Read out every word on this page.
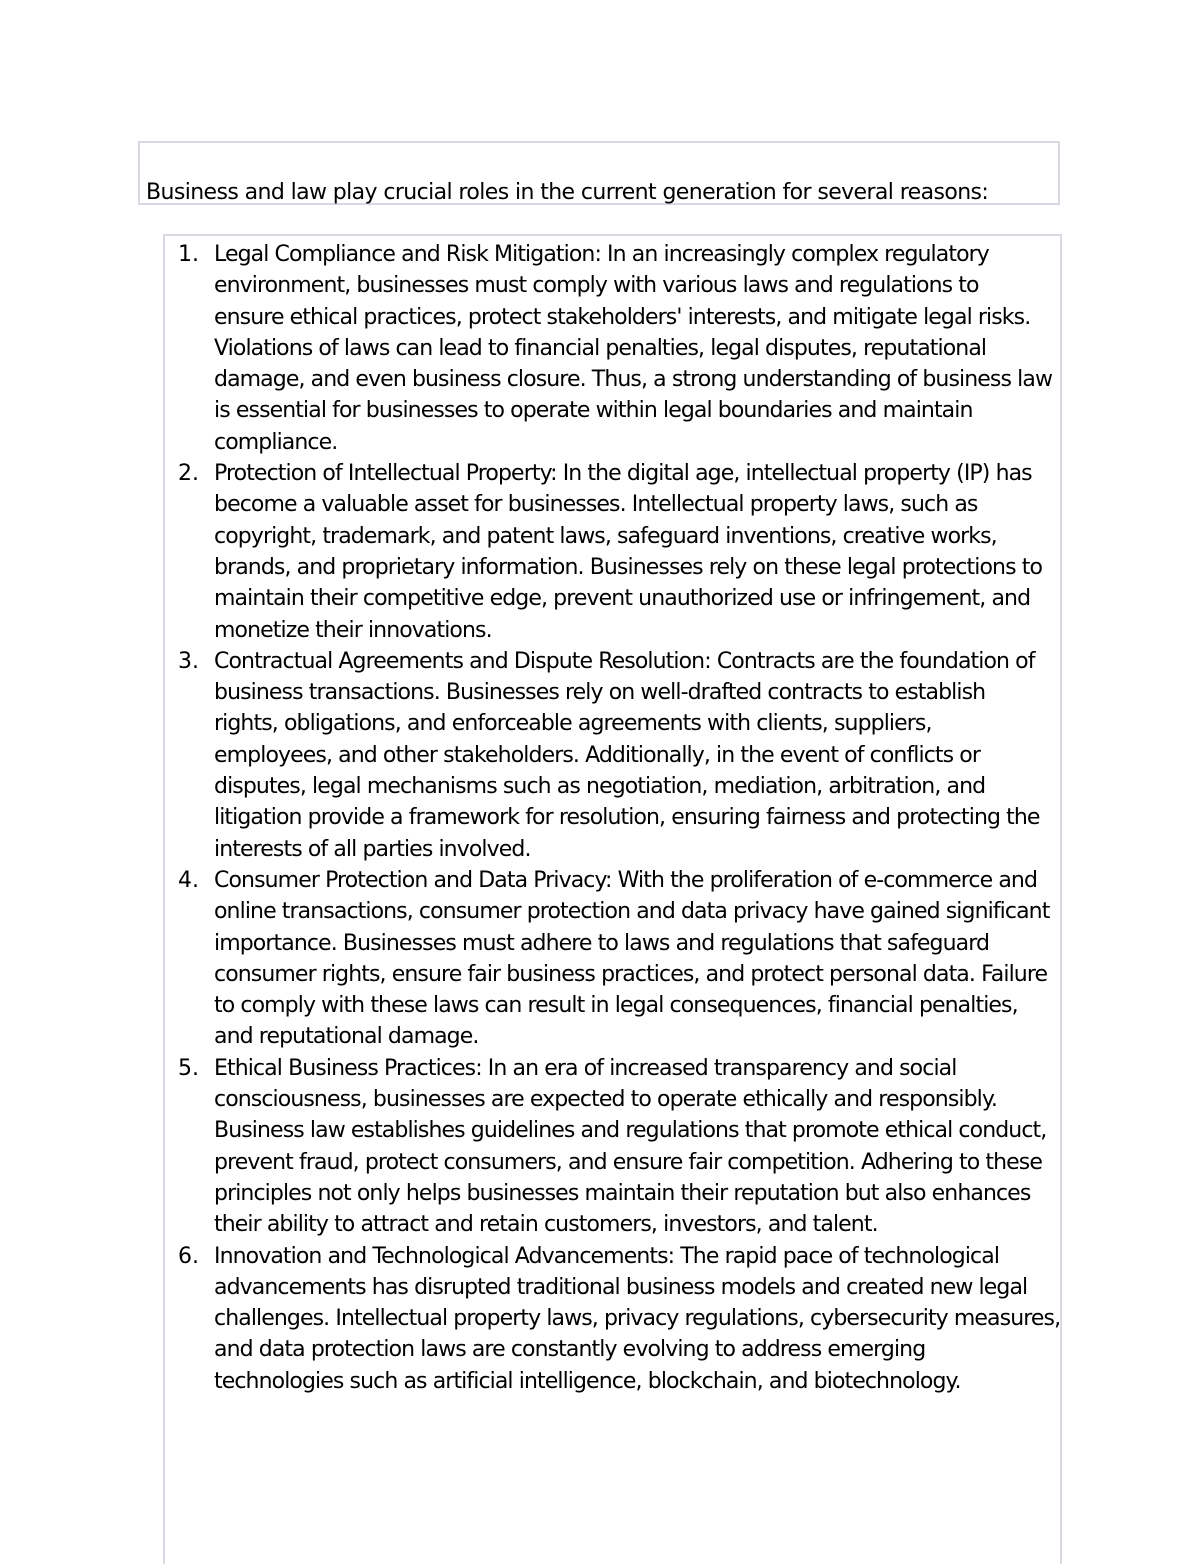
Business and law play crucial roles in the current generation for several reasons:
1. Legal Compliance and Risk Mitigation: In an increasingly complex regulatory
environment, businesses must comply with various laws and regulations to
ensure ethical practices, protect stakeholders' interests, and mitigate legal risks.
Violations of laws can lead to financial penalties, legal disputes, reputational
damage, and even business closure. Thus, a strong understanding of business law
is essential for businesses to operate within legal boundaries and maintain
compliance.
2. Protection of Intellectual Property: In the digital age, intellectual property (IP) has
become a valuable asset for businesses. Intellectual property laws, such as
copyright, trademark, and patent laws, safeguard inventions, creative works,
brands, and proprietary information. Businesses rely on these legal protections to
maintain their competitive edge, prevent unauthorized use or infringement, and
monetize their innovations.
3. Contractual Agreements and Dispute Resolution: Contracts are the foundation of
business transactions. Businesses rely on well-drafted contracts to establish
rights, obligations, and enforceable agreements with clients, suppliers,
employees, and other stakeholders. Additionally, in the event of conflicts or
disputes, legal mechanisms such as negotiation, mediation, arbitration, and
litigation provide a framework for resolution, ensuring fairness and protecting the
interests of all parties involved.
4. Consumer Protection and Data Privacy: With the proliferation of e-commerce and
online transactions, consumer protection and data privacy have gained significant
importance. Businesses must adhere to laws and regulations that safeguard
consumer rights, ensure fair business practices, and protect personal data. Failure
to comply with these laws can result in legal consequences, financial penalties,
and reputational damage.
5. Ethical Business Practices: In an era of increased transparency and social
consciousness, businesses are expected to operate ethically and responsibly.
Business law establishes guidelines and regulations that promote ethical conduct,
prevent fraud, protect consumers, and ensure fair competition. Adhering to these
principles not only helps businesses maintain their reputation but also enhances
their ability to attract and retain customers, investors, and talent.
6. Innovation and Technological Advancements: The rapid pace of technological
advancements has disrupted traditional business models and created new legal
challenges. Intellectual property laws, privacy regulations, cybersecurity measures,
and data protection laws are constantly evolving to address emerging
technologies such as artificial intelligence, blockchain, and biotechnology.
